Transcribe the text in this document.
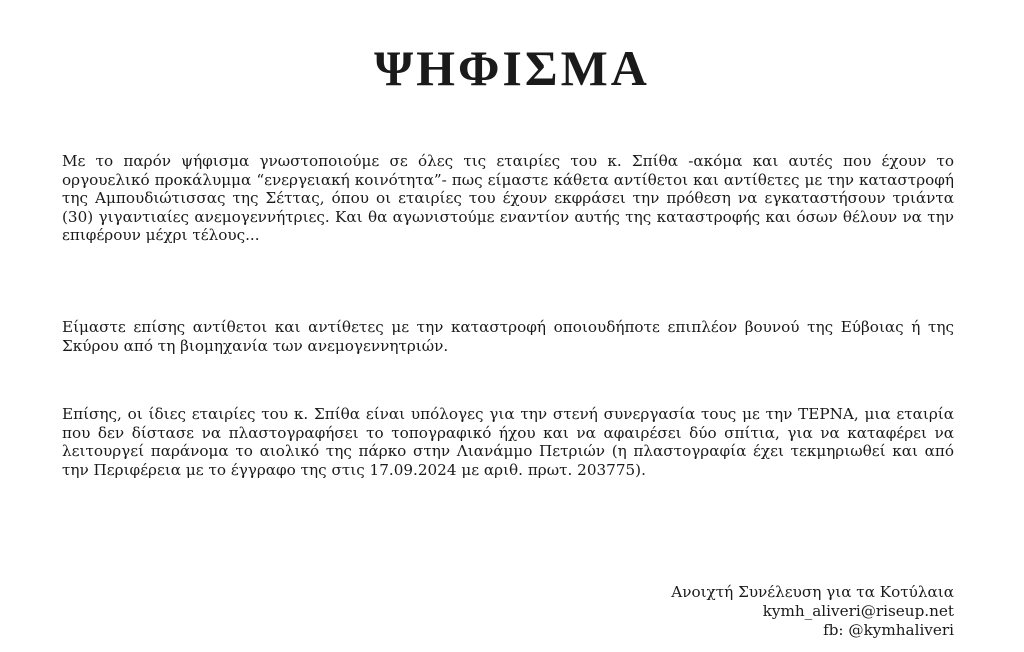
ΨΗΦΙΣΜΑ

Με το παρόν ψήφισμα γνωστοποιούμε σε όλες τις εταιρίες του κ. Σπίθα -ακόμα και αυτές που έχουν το οργουελικό προκάλυμμα “ενεργειακή κοινότητα”- πως είμαστε κάθετα αντίθετοι και αντίθετες με την καταστροφή της Αμπουδιώτισσας της Σέττας, όπου οι εταιρίες του έχουν εκφράσει την πρόθεση να εγκαταστήσουν τριάντα (30) γιγαντιαίες ανεμογεννήτριες. Και θα αγωνιστούμε εναντίον αυτής της καταστροφής και όσων θέλουν να την επιφέρουν μέχρι τέλους...

Είμαστε επίσης αντίθετοι και αντίθετες με την καταστροφή οποιουδήποτε επιπλέον βουνού της Εύβοιας ή της Σκύρου από τη βιομηχανία των ανεμογεννητριών.

Επίσης, οι ίδιες εταιρίες του κ. Σπίθα είναι υπόλογες για την στενή συνεργασία τους με την ΤΕΡΝΑ, μια εταιρία που δεν δίστασε να πλαστογραφήσει το τοπογραφικό ήχου και να αφαιρέσει δύο σπίτια, για να καταφέρει να λειτουργεί παράνομα το αιολικό της πάρκο στην Λιανάμμο Πετριών (η πλαστογραφία έχει τεκμηριωθεί και από την Περιφέρεια με το έγγραφο της στις 17.09.2024 με αριθ. πρωτ. 203775).

Ανοιχτή Συνέλευση για τα Κοτύλαια
kymh_aliveri@riseup.net
fb: @kymhaliveri
